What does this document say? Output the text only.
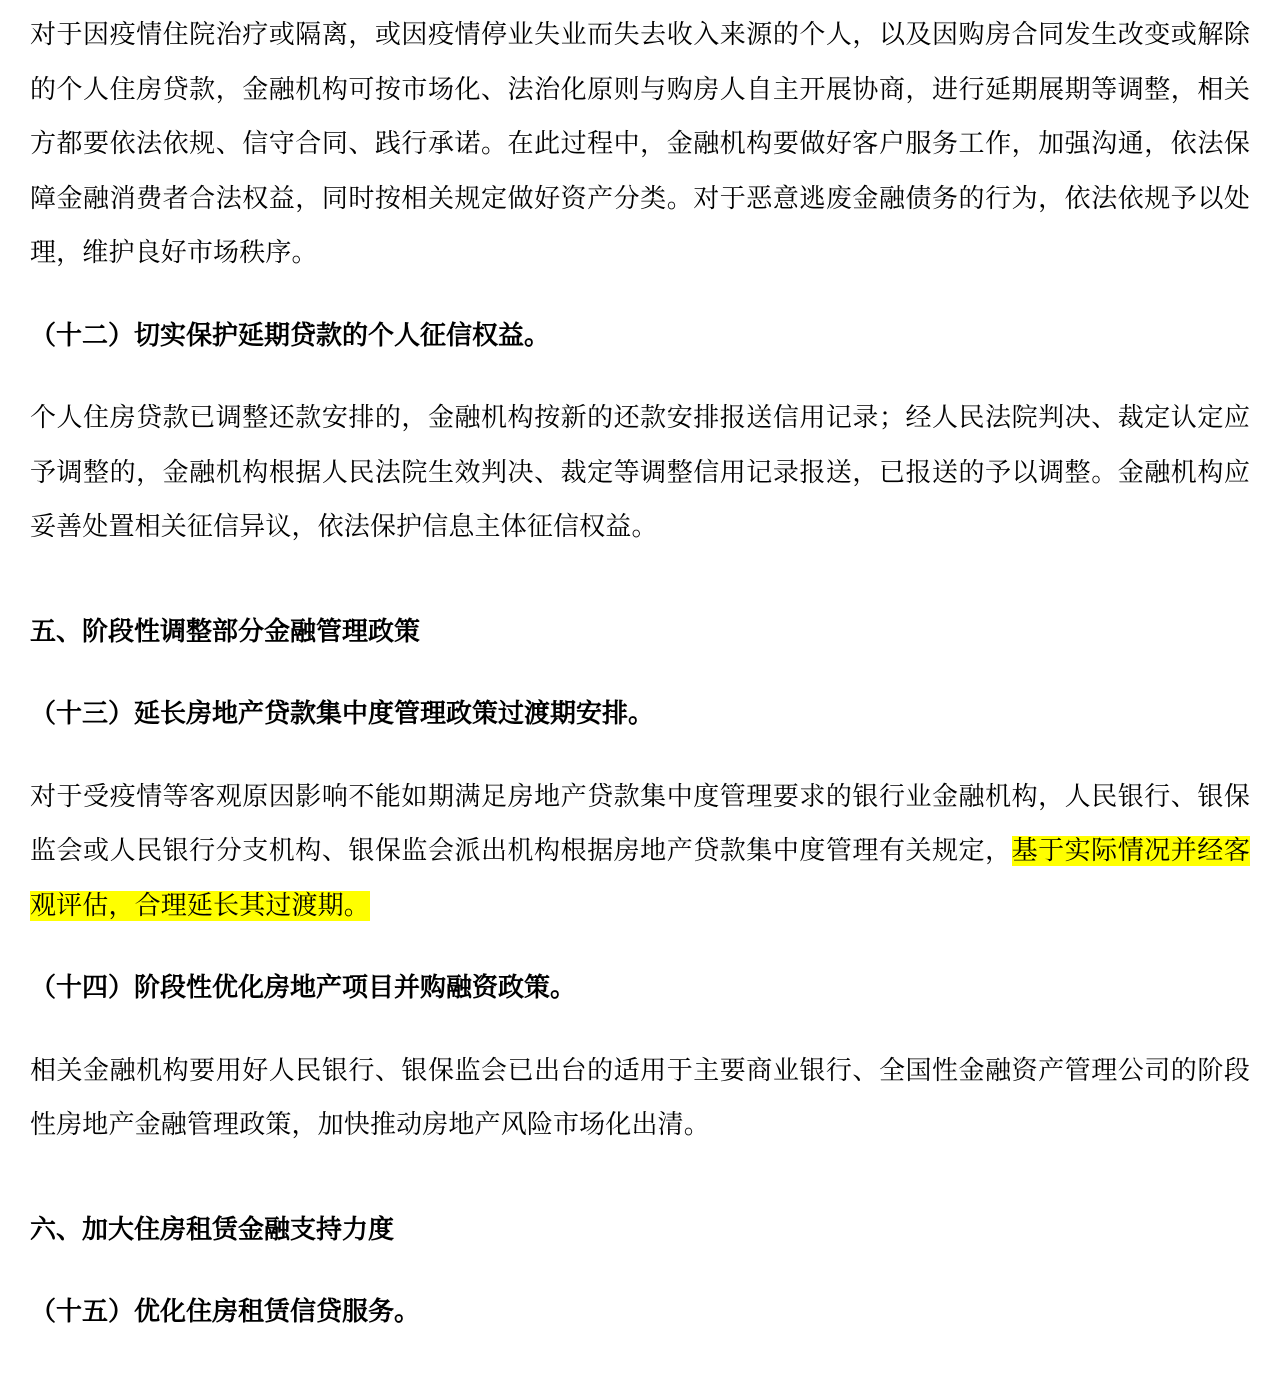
对于因疫情住院治疗或隔离，或因疫情停业失业而失去收入来源的个人，以及因购房合同发生改变或解除的个人住房贷款，金融机构可按市场化、法治化原则与购房人自主开展协商，进行延期展期等调整，相关方都要依法依规、信守合同、践行承诺。在此过程中，金融机构要做好客户服务工作，加强沟通，依法保障金融消费者合法权益，同时按相关规定做好资产分类。对于恶意逃废金融债务的行为，依法依规予以处理，维护良好市场秩序。

（十二）切实保护延期贷款的个人征信权益。

个人住房贷款已调整还款安排的，金融机构按新的还款安排报送信用记录；经人民法院判决、裁定认定应予调整的，金融机构根据人民法院生效判决、裁定等调整信用记录报送，已报送的予以调整。金融机构应妥善处置相关征信异议，依法保护信息主体征信权益。

五、阶段性调整部分金融管理政策

（十三）延长房地产贷款集中度管理政策过渡期安排。

对于受疫情等客观原因影响不能如期满足房地产贷款集中度管理要求的银行业金融机构，人民银行、银保监会或人民银行分支机构、银保监会派出机构根据房地产贷款集中度管理有关规定，基于实际情况并经客观评估，合理延长其过渡期。

（十四）阶段性优化房地产项目并购融资政策。

相关金融机构要用好人民银行、银保监会已出台的适用于主要商业银行、全国性金融资产管理公司的阶段性房地产金融管理政策，加快推动房地产风险市场化出清。

六、加大住房租赁金融支持力度

（十五）优化住房租赁信贷服务。
